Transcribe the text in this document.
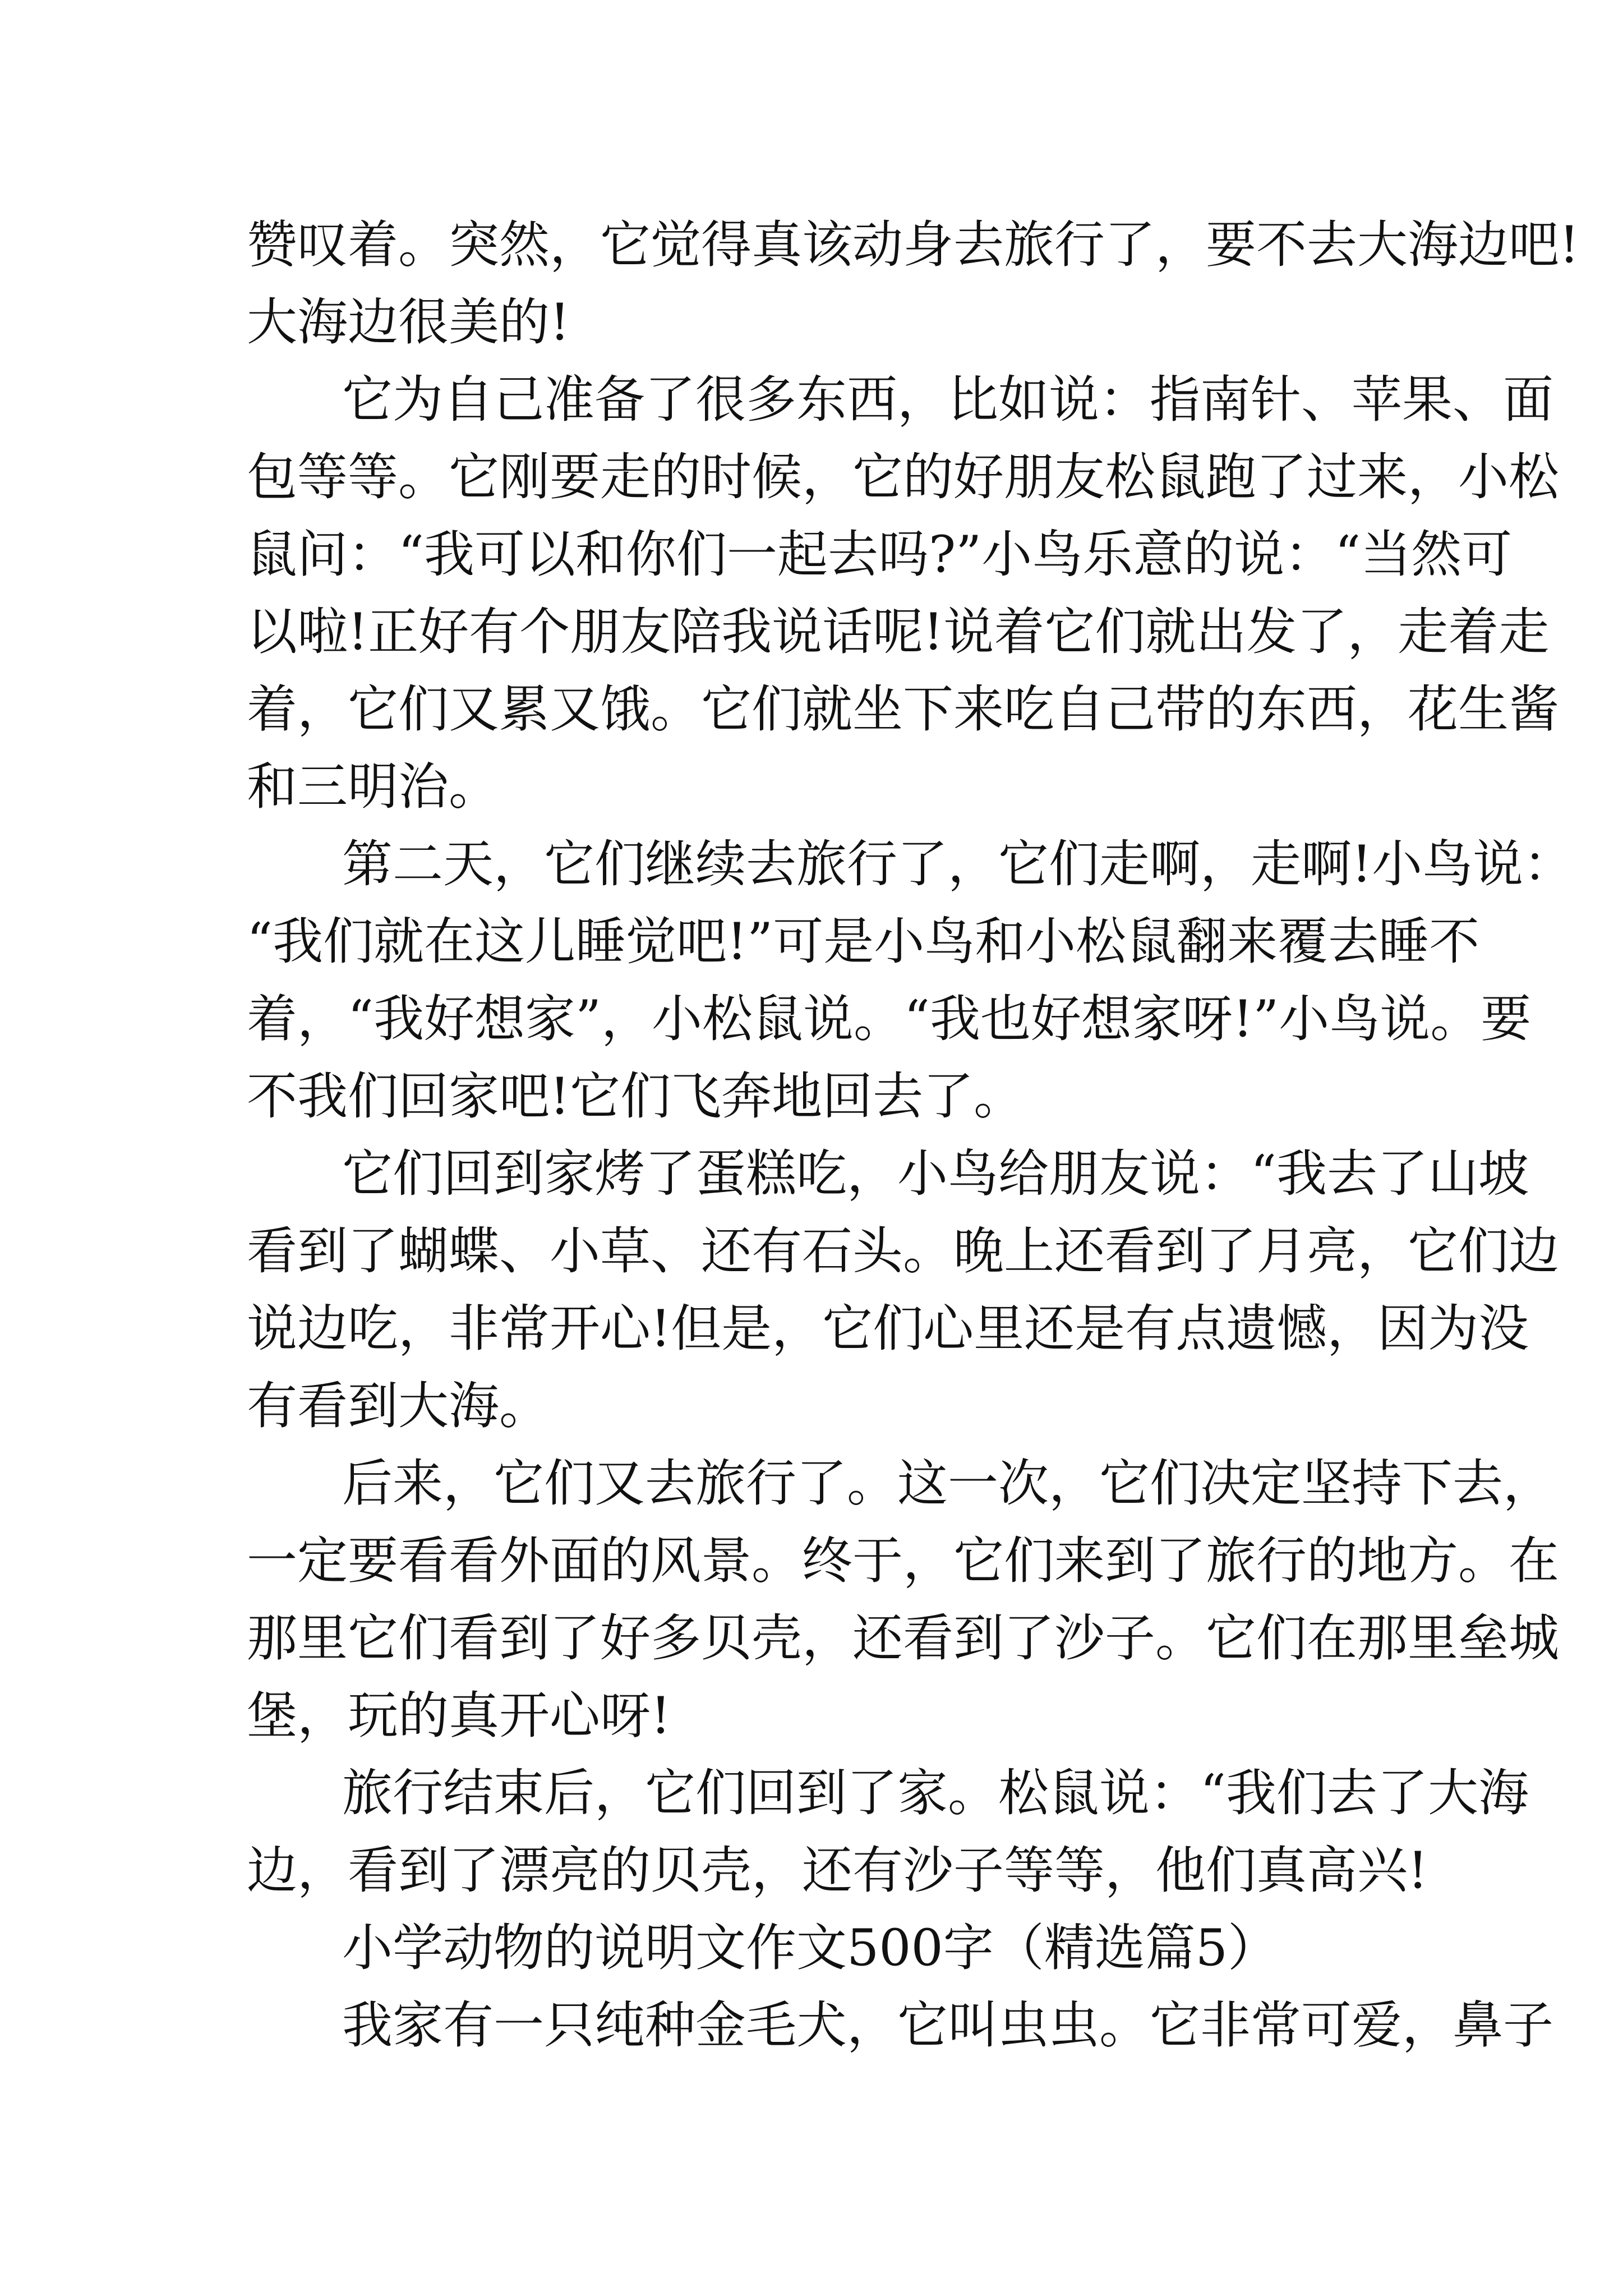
赞叹着。突然，它觉得真该动身去旅行了，要不去大海边吧!

大海边很美的!

它为自己准备了很多东西，比如说：指南针、苹果、面

包等等。它刚要走的时候，它的好朋友松鼠跑了过来，小松

鼠问：“我可以和你们一起去吗?”小鸟乐意的说：“当然可

以啦!正好有个朋友陪我说话呢!说着它们就出发了，走着走

着，它们又累又饿。它们就坐下来吃自己带的东西，花生酱

和三明治。

第二天，它们继续去旅行了，它们走啊，走啊!小鸟说：

“我们就在这儿睡觉吧!”可是小鸟和小松鼠翻来覆去睡不

着，“我好想家”，小松鼠说。“我也好想家呀!”小鸟说。要

不我们回家吧!它们飞奔地回去了。

它们回到家烤了蛋糕吃，小鸟给朋友说：“我去了山坡

看到了蝴蝶、小草、还有石头。晚上还看到了月亮，它们边

说边吃，非常开心!但是，它们心里还是有点遗憾，因为没

有看到大海。

后来，它们又去旅行了。这一次，它们决定坚持下去，

一定要看看外面的风景。终于，它们来到了旅行的地方。在

那里它们看到了好多贝壳，还看到了沙子。它们在那里垒城

堡，玩的真开心呀!

旅行结束后，它们回到了家。松鼠说：“我们去了大海

边，看到了漂亮的贝壳，还有沙子等等，他们真高兴!

小学动物的说明文作文500字（精选篇5）

我家有一只纯种金毛犬，它叫虫虫。它非常可爱，鼻子
